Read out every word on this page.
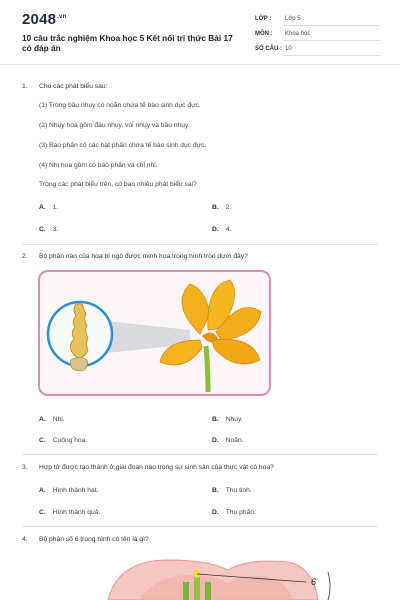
$2048^{.vn}$
10 câu trắc nghiệm Khoa học 5 Kết nối tri thức Bài 17 có đáp án
LỚP : Lớp 5
MÔN : Khoa học
SỐ CÂU : 10
1. Cho các phát biểu sau:
(1) Trong bầu nhụy có noãn chứa tế bào sinh dục đực.
(2) Nhụy hoa gồm đầu nhụy, vòi nhụy và bầu nhụy.
(3) Bao phấn có các hạt phấn chứa tế bào sinh dục đực.
(4) Nhị hoa gồm có bao phấn và chỉ nhị.
Trong các phát biểu trên, có bao nhiêu phát biểu sai?
A. 1.	B. 2.
C. 3.	D. 4.
2. Bộ phận nào của hoa bí ngô được minh họa trong hình tròn dưới đây?
A. Nhị.	B. Nhụy.
C. Cuống hoa.	D. Noãn.
3. Hợp tử được tạo thành ở giai đoạn nào trong sự sinh sản của thực vật có hoa?
A. Hình thành hạt.	B. Thụ tinh.
C. Hình thành quả.	D. Thụ phấn.
4. Bộ phận số 6 trong hình có tên là gì?
6
